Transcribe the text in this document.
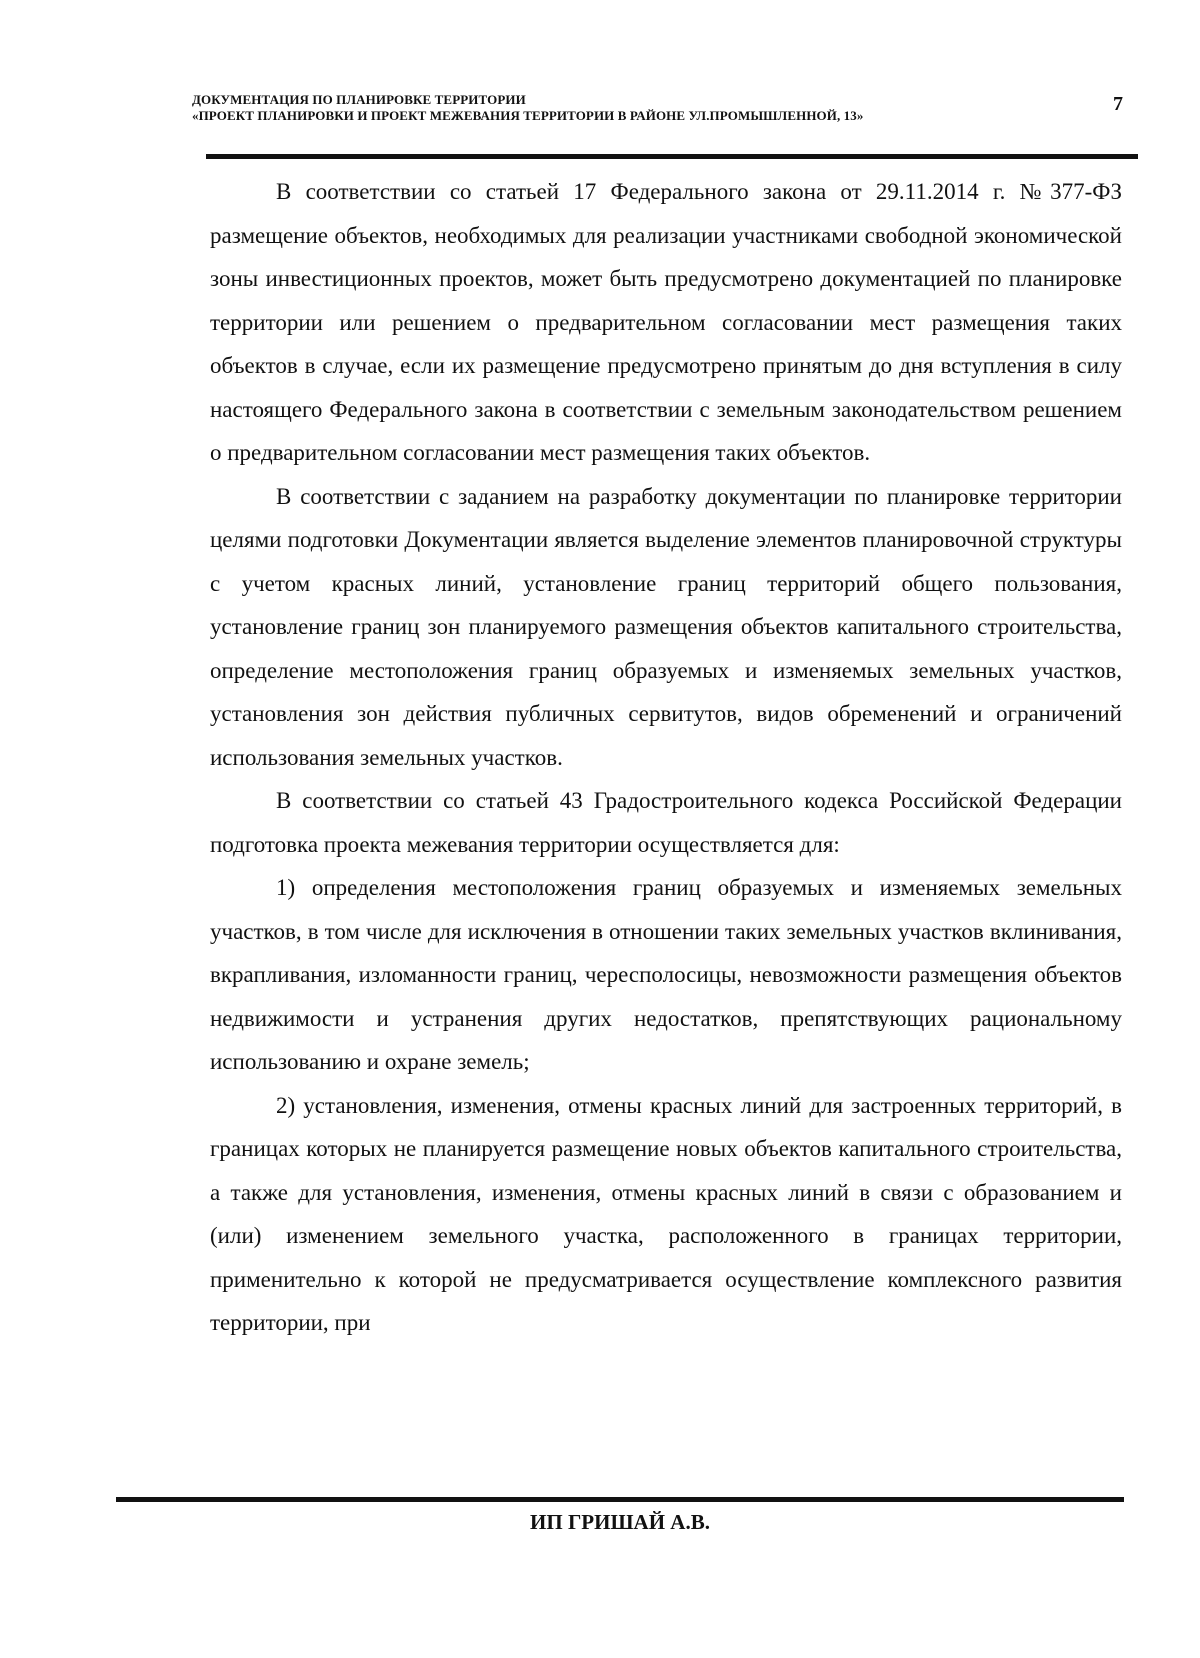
ДОКУМЕНТАЦИЯ ПО ПЛАНИРОВКЕ ТЕРРИТОРИИ
«ПРОЕКТ ПЛАНИРОВКИ И ПРОЕКТ МЕЖЕВАНИЯ ТЕРРИТОРИИ В РАЙОНЕ УЛ.ПРОМЫШЛЕННОЙ, 13»
7

В соответствии со статьей 17 Федерального закона от 29.11.2014 г. №377-ФЗ размещение объектов, необходимых для реализации участниками свободной экономической зоны инвестиционных проектов, может быть предусмотрено документацией по планировке территории или решением о предварительном согласовании мест размещения таких объектов в случае, если их размещение предусмотрено принятым до дня вступления в силу настоящего Федерального закона в соответствии с земельным законодательством решением о предварительном согласовании мест размещения таких объектов.

В соответствии с заданием на разработку документации по планировке территории целями подготовки Документации является выделение элементов планировочной структуры с учетом красных линий, установление границ территорий общего пользования, установление границ зон планируемого размещения объектов капитального строительства, определение местоположения границ образуемых и изменяемых земельных участков, установления зон действия публичных сервитутов, видов обременений и ограничений использования земельных участков.

В соответствии со статьей 43 Градостроительного кодекса Российской Федерации подготовка проекта межевания территории осуществляется для:

1) определения местоположения границ образуемых и изменяемых земельных участков, в том числе для исключения в отношении таких земельных участков вклинивания, вкрапливания, изломанности границ, чересполосицы, невозможности размещения объектов недвижимости и устранения других недостатков, препятствующих рациональному использованию и охране земель;

2) установления, изменения, отмены красных линий для застроенных территорий, в границах которых не планируется размещение новых объектов капитального строительства, а также для установления, изменения, отмены красных линий в связи с образованием и (или) изменением земельного участка, расположенного в границах территории, применительно к которой не предусматривается осуществление комплексного развития территории, при

ИП ГРИШАЙ А.В.
